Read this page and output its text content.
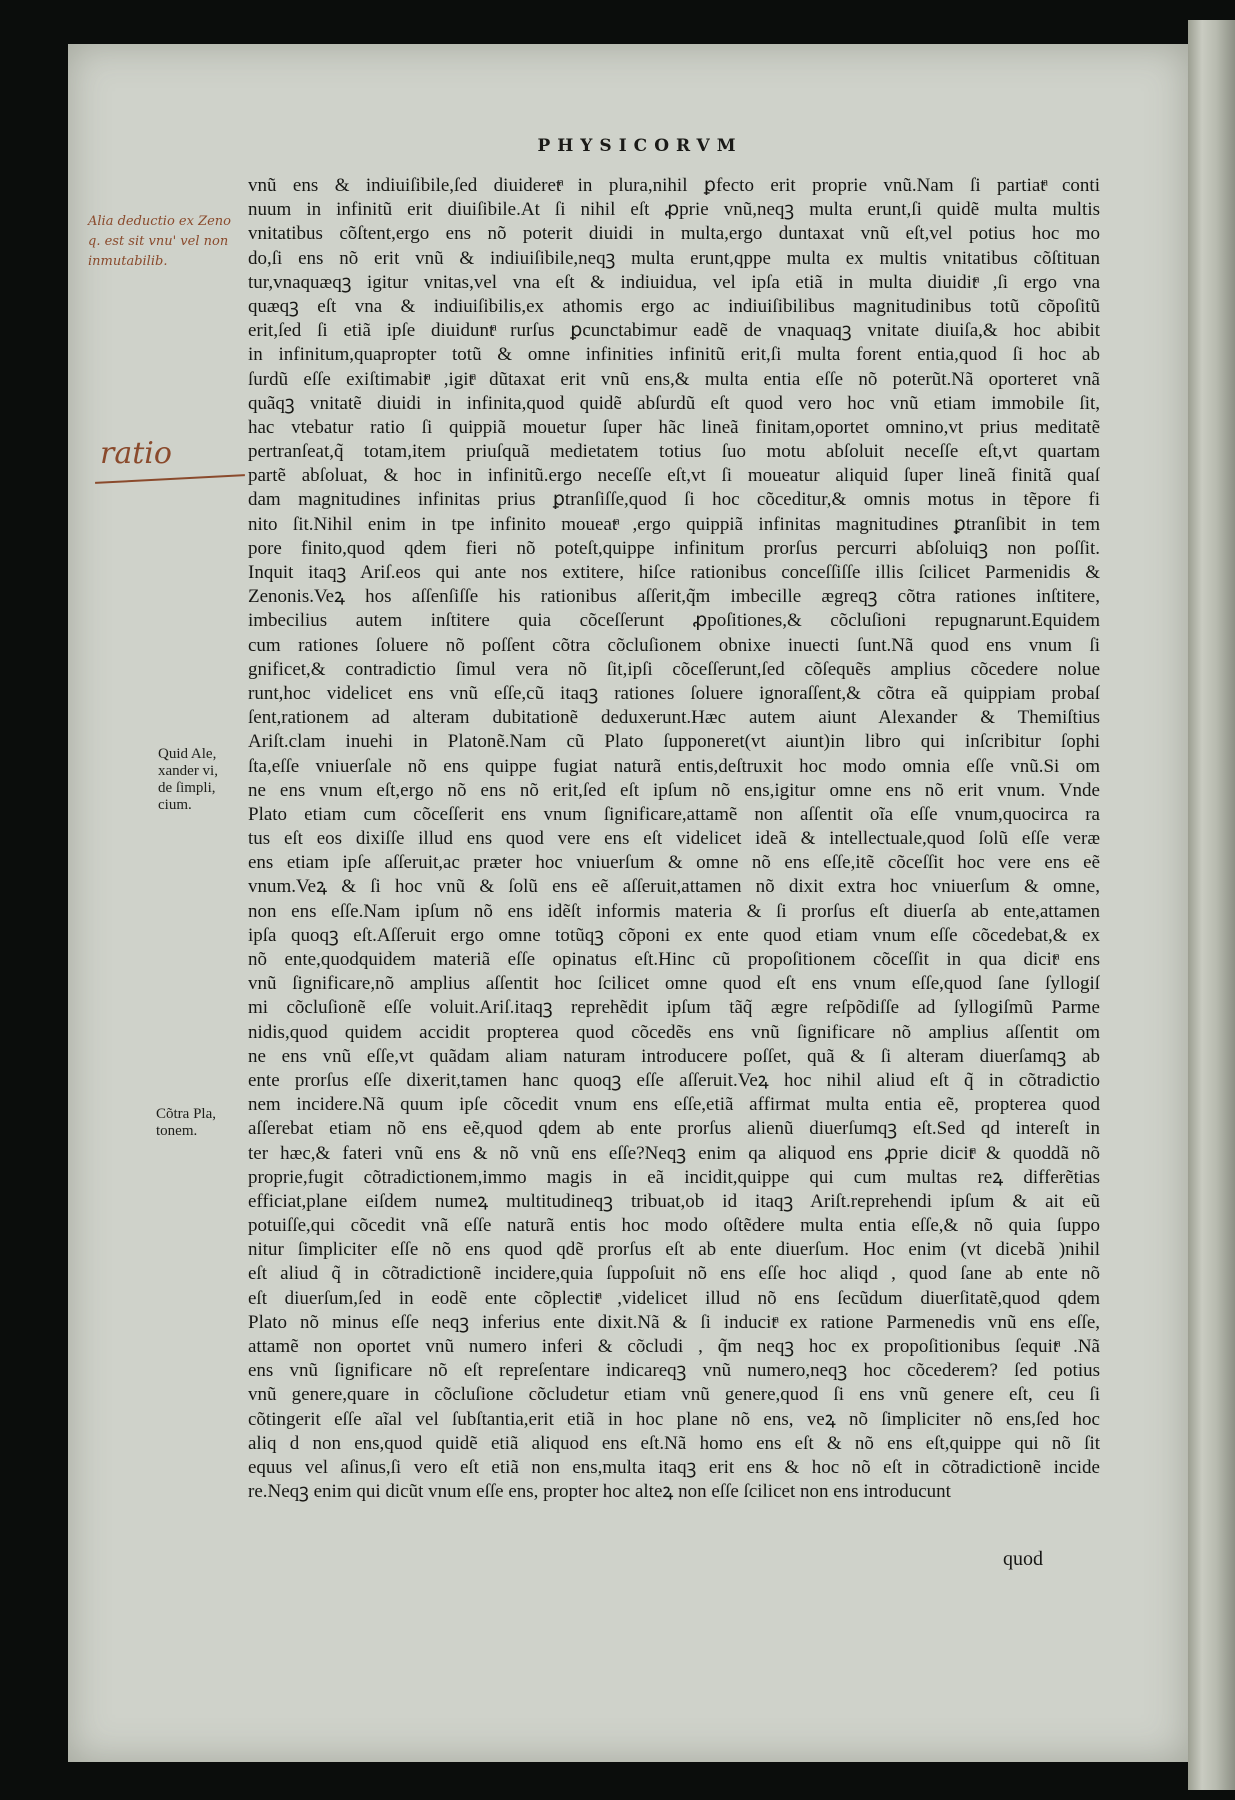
PHYSICORVM
vnũ ens & indiuiſibile,ſed diuideretͣ in plura,nihil ꝑfecto erit proprie vnũ.Nam ſi partiatͣ conti
nuum in infinitũ erit diuiſibile.At ſi nihil eſt ꝓprie vnũ,neqꝫ multa erunt,ſi quidẽ multa multis
vnitatibus cõſtent,ergo ens nõ poterit diuidi in multa,ergo duntaxat vnũ eſt,vel potius hoc mo
do,ſi ens nõ erit vnũ & indiuiſibile,neqꝫ multa erunt,qppe multa ex multis vnitatibus cõſtituan
tur,vnaquæqꝫ igitur vnitas,vel vna eſt & indiuidua, vel ipſa etiã in multa diuiditͣ ,ſi ergo vna
quæqꝫ eſt vna & indiuiſibilis,ex athomis ergo ac indiuiſibilibus magnitudinibus totũ cõpoſitũ
erit,ſed ſi etiã ipſe diuiduntͣ rurſus ꝑcunctabimur eadẽ de vnaquaqꝫ vnitate diuiſa,& hoc abibit
in infinitum,quapropter totũ & omne infinities infinitũ erit,ſi multa forent entia,quod ſi hoc ab
ſurdũ eſſe exiſtimabitͣ ,igitͣ dũtaxat erit vnũ ens,& multa entia eſſe nõ poterũt.Nã oporteret vnã
quãqꝫ vnitatẽ diuidi in infinita,quod quidẽ abſurdũ eſt quod vero hoc vnũ etiam immobile ſit,
hac vtebatur ratio ſi quippiã mouetur ſuper hãc lineã finitam,oportet omnino,vt prius meditatẽ
pertranſeat,q̃ totam,item priuſquã medietatem totius ſuo motu abſoluit neceſſe eſt,vt quartam
partẽ abſoluat, & hoc in infinitũ.ergo neceſſe eſt,vt ſi moueatur aliquid ſuper lineã finitã quaſ
dam magnitudines infinitas prius ꝑtranſiſſe,quod ſi hoc cõceditur,& omnis motus in tẽpore fi
nito ſit.Nihil enim in tpe infinito moueatͣ ,ergo quippiã infinitas magnitudines ꝑtranſibit in tem
pore finito,quod qdem fieri nõ poteſt,quippe infinitum prorſus percurri abſoluiqꝫ non poſſit.
Inquit itaqꝫ Ariſ.eos qui ante nos extitere, hiſce rationibus conceſſiſſe illis ſcilicet Parmenidis &
Zenonis.Veꝝ hos aſſenſiſſe his rationibus aſſerit,q̃m imbecille ægreqꝫ cõtra rationes inſtitere,
imbecilius autem inſtitere quia cõceſſerunt ꝓpoſitiones,& cõcluſioni repugnarunt.Equidem
cum rationes ſoluere nõ poſſent cõtra cõcluſionem obnixe inuecti ſunt.Nã quod ens vnum ſi
gnificet,& contradictio ſimul vera nõ ſit,ipſi cõceſſerunt,ſed cõſequẽs amplius cõcedere nolue
runt,hoc videlicet ens vnũ eſſe,cũ itaqꝫ rationes ſoluere ignoraſſent,& cõtra eã quippiam probaſ
ſent,rationem ad alteram dubitationẽ deduxerunt.Hæc autem aiunt Alexander & Themiſtius
Ariſt.clam inuehi in Platonẽ.Nam cũ Plato ſupponeret(vt aiunt)in libro qui inſcribitur ſophi
ſta,eſſe vniuerſale nõ ens quippe fugiat naturã entis,deſtruxit hoc modo omnia eſſe vnũ.Si om
ne ens vnum eſt,ergo nõ ens nõ erit,ſed eſt ipſum nõ ens,igitur omne ens nõ erit vnum. Vnde
Plato etiam cum cõceſſerit ens vnum ſignificare,attamẽ non aſſentit oĩa eſſe vnum,quocirca ra
tus eſt eos dixiſſe illud ens quod vere ens eſt videlicet ideã & intellectuale,quod ſolũ eſſe veræ
ens etiam ipſe aſſeruit,ac præter hoc vniuerſum & omne nõ ens eſſe,itẽ cõceſſit hoc vere ens eẽ
vnum.Veꝝ & ſi hoc vnũ & ſolũ ens eẽ aſſeruit,attamen nõ dixit extra hoc vniuerſum & omne,
non ens eſſe.Nam ipſum nõ ens idẽſt informis materia & ſi prorſus eſt diuerſa ab ente,attamen
ipſa quoqꝫ eſt.Aſſeruit ergo omne totũqꝫ cõponi ex ente quod etiam vnum eſſe cõcedebat,& ex
nõ ente,quodquidem materiã eſſe opinatus eſt.Hinc cũ propoſitionem cõceſſit in qua dicitͣ ens
vnũ ſignificare,nõ amplius aſſentit hoc ſcilicet omne quod eſt ens vnum eſſe,quod ſane ſyllogiſ
mi cõcluſionẽ eſſe voluit.Ariſ.itaqꝫ reprehẽdit ipſum tãq̃ ægre reſpõdiſſe ad ſyllogiſmũ Parme
nidis,quod quidem accidit propterea quod cõcedẽs ens vnũ ſignificare nõ amplius aſſentit om
ne ens vnũ eſſe,vt quãdam aliam naturam introducere poſſet, quã & ſi alteram diuerſamqꝫ ab
ente prorſus eſſe dixerit,tamen hanc quoqꝫ eſſe aſſeruit.Veꝝ hoc nihil aliud eſt q̃ in cõtradictio
nem incidere.Nã quum ipſe cõcedit vnum ens eſſe,etiã affirmat multa entia eẽ, propterea quod
aſſerebat etiam nõ ens eẽ,quod qdem ab ente prorſus alienũ diuerſumqꝫ eſt.Sed qd intereſt in
ter hæc,& fateri vnũ ens & nõ vnũ ens eſſe?Neqꝫ enim qa aliquod ens ꝓprie dicitͣ & quoddã nõ
proprie,fugit cõtradictionem,immo magis in eã incidit,quippe qui cum multas reꝝ differẽtias
efficiat,plane eiſdem numeꝝ multitudineqꝫ tribuat,ob id itaqꝫ Ariſt.reprehendi ipſum & ait eũ
potuiſſe,qui cõcedit vnã eſſe naturã entis hoc modo oſtẽdere multa entia eſſe,& nõ quia ſuppo
nitur ſimpliciter eſſe nõ ens quod qdẽ prorſus eſt ab ente diuerſum. Hoc enim (vt dicebã )nihil
eſt aliud q̃ in cõtradictionẽ incidere,quia ſuppoſuit nõ ens eſſe hoc aliqd , quod ſane ab ente nõ
eſt diuerſum,ſed in eodẽ ente cõplectitͣ ,videlicet illud nõ ens ſecũdum diuerſitatẽ,quod qdem
Plato nõ minus eſſe neqꝫ inferius ente dixit.Nã & ſi inducitͣ ex ratione Parmenedis vnũ ens eſſe,
attamẽ non oportet vnũ numero inferi & cõcludi , q̃m neqꝫ hoc ex propoſitionibus ſequitͣ .Nã
ens vnũ ſignificare nõ eſt repreſentare indicareqꝫ vnũ numero,neqꝫ hoc cõcederem? ſed potius
vnũ genere,quare in cõcluſione cõcludetur etiam vnũ genere,quod ſi ens vnũ genere eſt, ceu ſi
cõtingerit eſſe aĩal vel ſubſtantia,erit etiã in hoc plane nõ ens, veꝝ nõ ſimpliciter nõ ens,ſed hoc
aliq d non ens,quod quidẽ etiã aliquod ens eſt.Nã homo ens eſt & nõ ens eſt,quippe qui nõ ſit
equus vel aſinus,ſi vero eſt etiã non ens,multa itaqꝫ erit ens & hoc nõ eſt in cõtradictionẽ incide
re.Neqꝫ enim qui dicũt vnum eſſe ens, propter hoc alteꝝ non eſſe ſcilicet non ens introducunt
quod
Alia deductio ex Zeno
q. est sit vnu' vel non
inmutabilib.
ratio
Quid Ale,
xander vi,
de ſimpli,
cium.
Cõtra Pla,
tonem.
